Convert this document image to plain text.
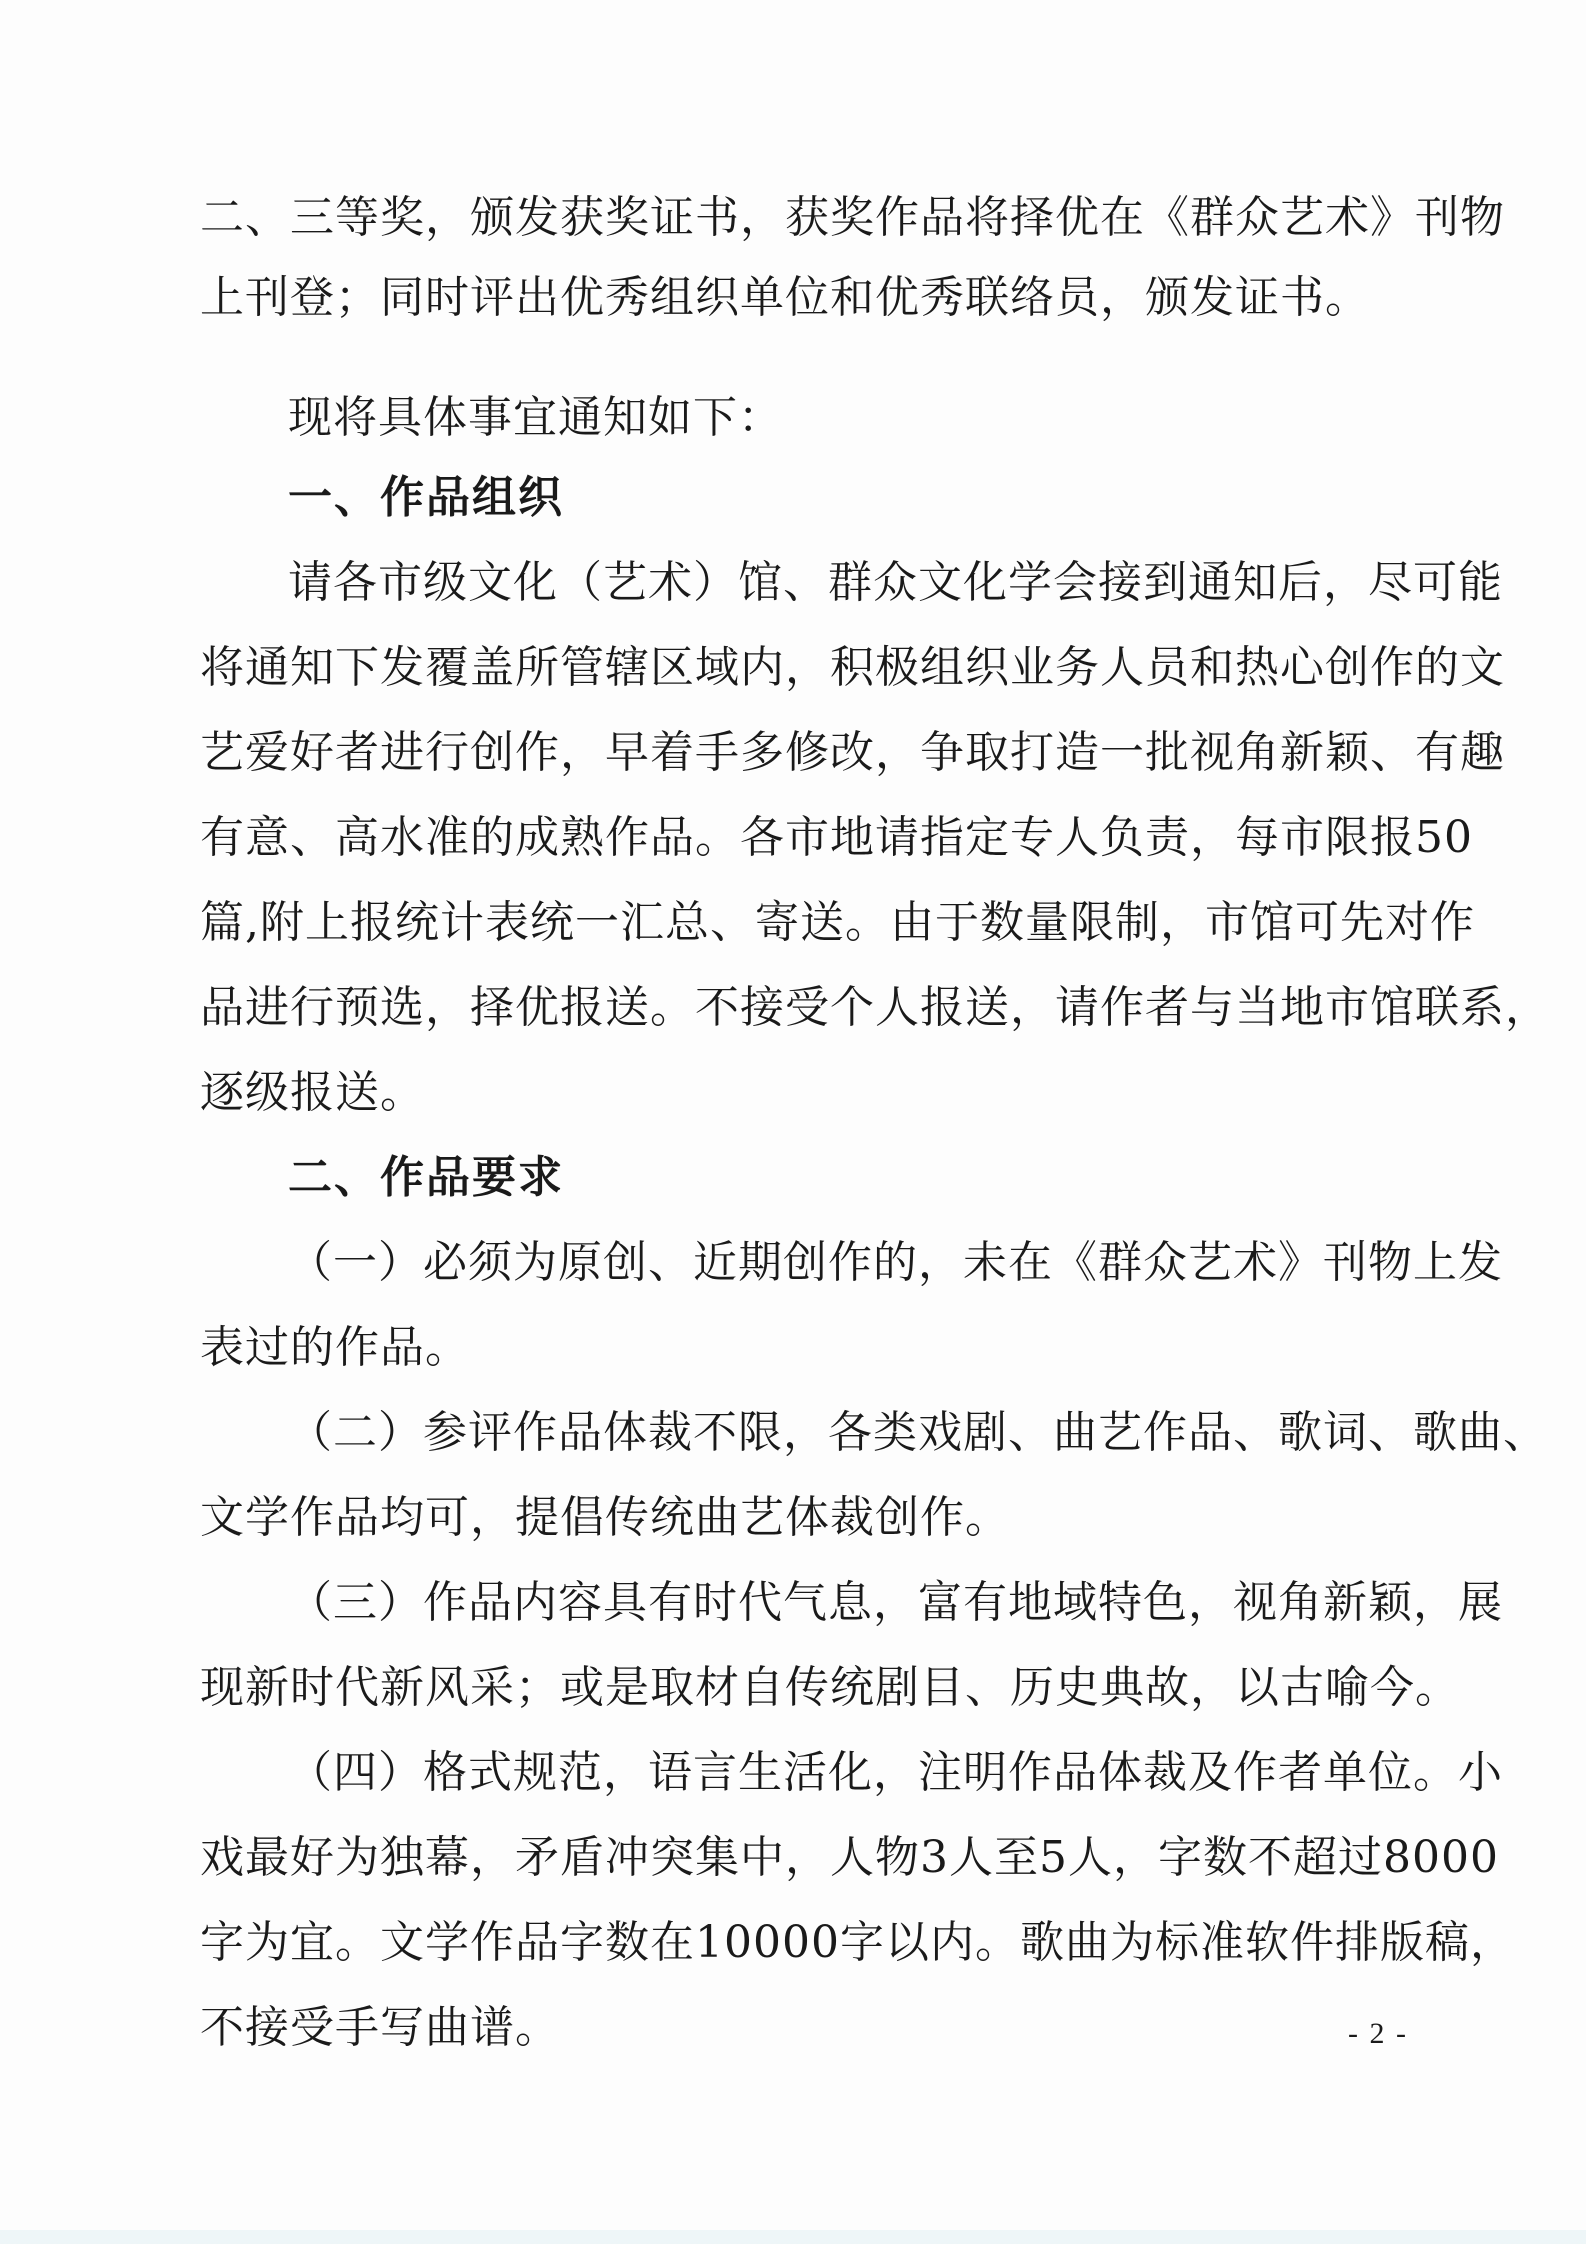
二、三等奖，颁发获奖证书，获奖作品将择优在《群众艺术》刊物

上刊登；同时评出优秀组织单位和优秀联络员，颁发证书。

现将具体事宜通知如下：

一、作品组织

请各市级文化（艺术）馆、群众文化学会接到通知后，尽可能

将通知下发覆盖所管辖区域内，积极组织业务人员和热心创作的文

艺爱好者进行创作，早着手多修改，争取打造一批视角新颖、有趣

有意、高水准的成熟作品。各市地请指定专人负责，每市限报50

篇,附上报统计表统一汇总、寄送。由于数量限制，市馆可先对作

品进行预选，择优报送。不接受个人报送，请作者与当地市馆联系，

逐级报送。

二、作品要求

（一）必须为原创、近期创作的，未在《群众艺术》刊物上发

表过的作品。

（二）参评作品体裁不限，各类戏剧、曲艺作品、歌词、歌曲、

文学作品均可，提倡传统曲艺体裁创作。

（三）作品内容具有时代气息，富有地域特色，视角新颖，展

现新时代新风采；或是取材自传统剧目、历史典故，以古喻今。

（四）格式规范，语言生活化，注明作品体裁及作者单位。小

戏最好为独幕，矛盾冲突集中，人物3人至5人，字数不超过8000

字为宜。文学作品字数在10000字以内。歌曲为标准软件排版稿，

不接受手写曲谱。	- 2 -
